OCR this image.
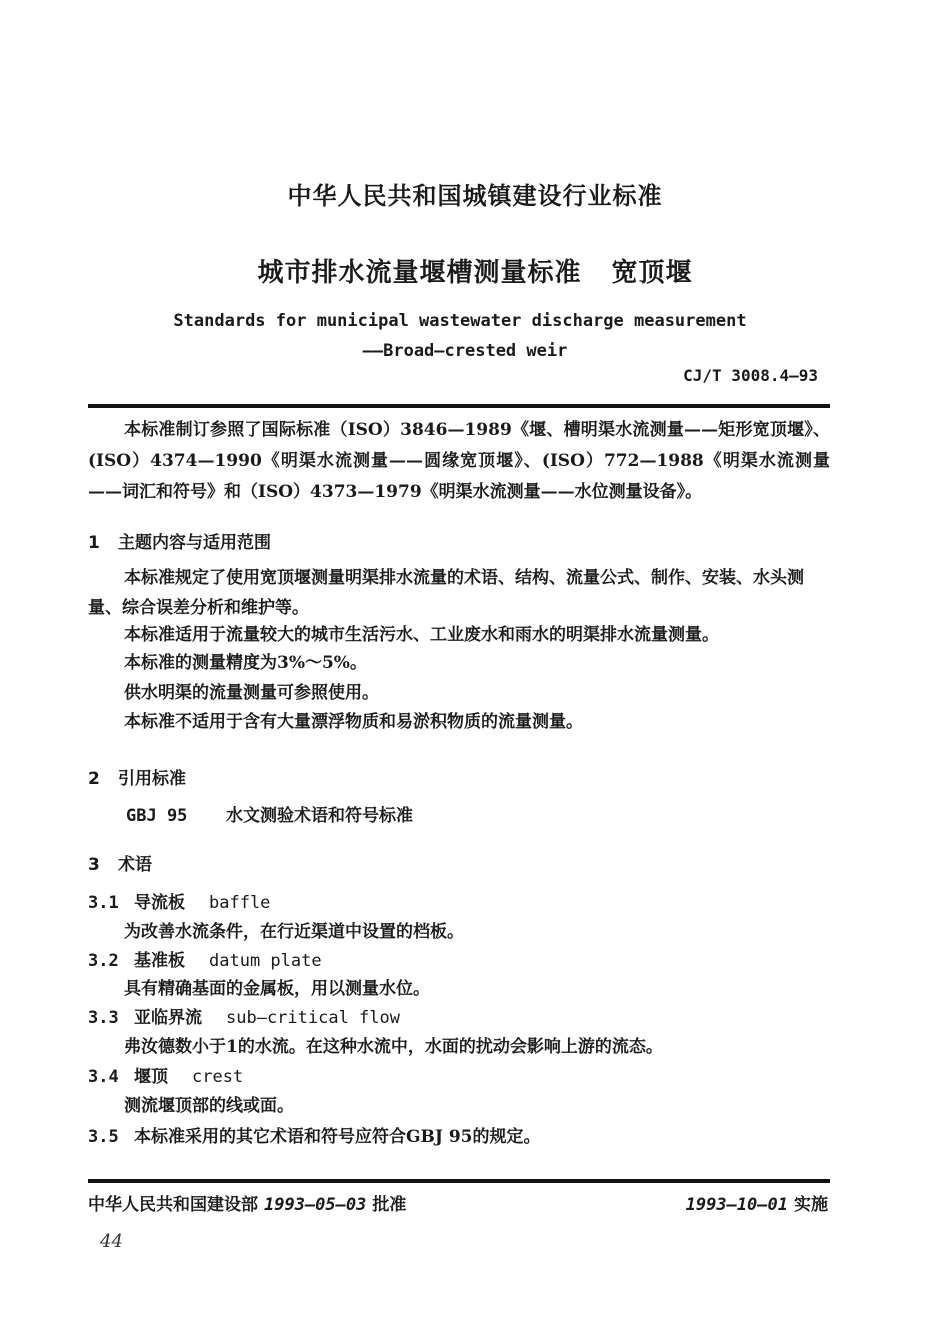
中华人民共和国城镇建设行业标准
城市排水流量堰槽测量标准 宽顶堰
Standards for municipal wastewater discharge measurement
——Broad—crested weir
CJ/T 3008.4—93
本标准制订参照了国际标准（ISO）3846—1989《堰、槽明渠水流测量——矩形宽顶堰》、(ISO）4374—1990《明渠水流测量——圆缘宽顶堰》、(ISO）772—1988《明渠水流测量——词汇和符号》和（ISO）4373—1979《明渠水流测量——水位测量设备》。
1 主题内容与适用范围
本标准规定了使用宽顶堰测量明渠排水流量的术语、结构、流量公式、制作、安装、水头测量、综合误差分析和维护等。
本标准适用于流量较大的城市生活污水、工业废水和雨水的明渠排水流量测量。
本标准的测量精度为3%～5%。
供水明渠的流量测量可参照使用。
本标准不适用于含有大量漂浮物质和易淤积物质的流量测量。
2 引用标准
GBJ 95 水文测验术语和符号标准
3 术语
3.1 导流板 baffle
为改善水流条件，在行近渠道中设置的档板。
3.2 基准板 datum plate
具有精确基面的金属板，用以测量水位。
3.3 亚临界流 sub—critical flow
弗汝德数小于1的水流。在这种水流中，水面的扰动会影响上游的流态。
3.4 堰顶 crest
测流堰顶部的线或面。
3.5 本标准采用的其它术语和符号应符合GBJ 95的规定。
中华人民共和国建设部 1993—05—03 批准	1993—10—01 实施
44
